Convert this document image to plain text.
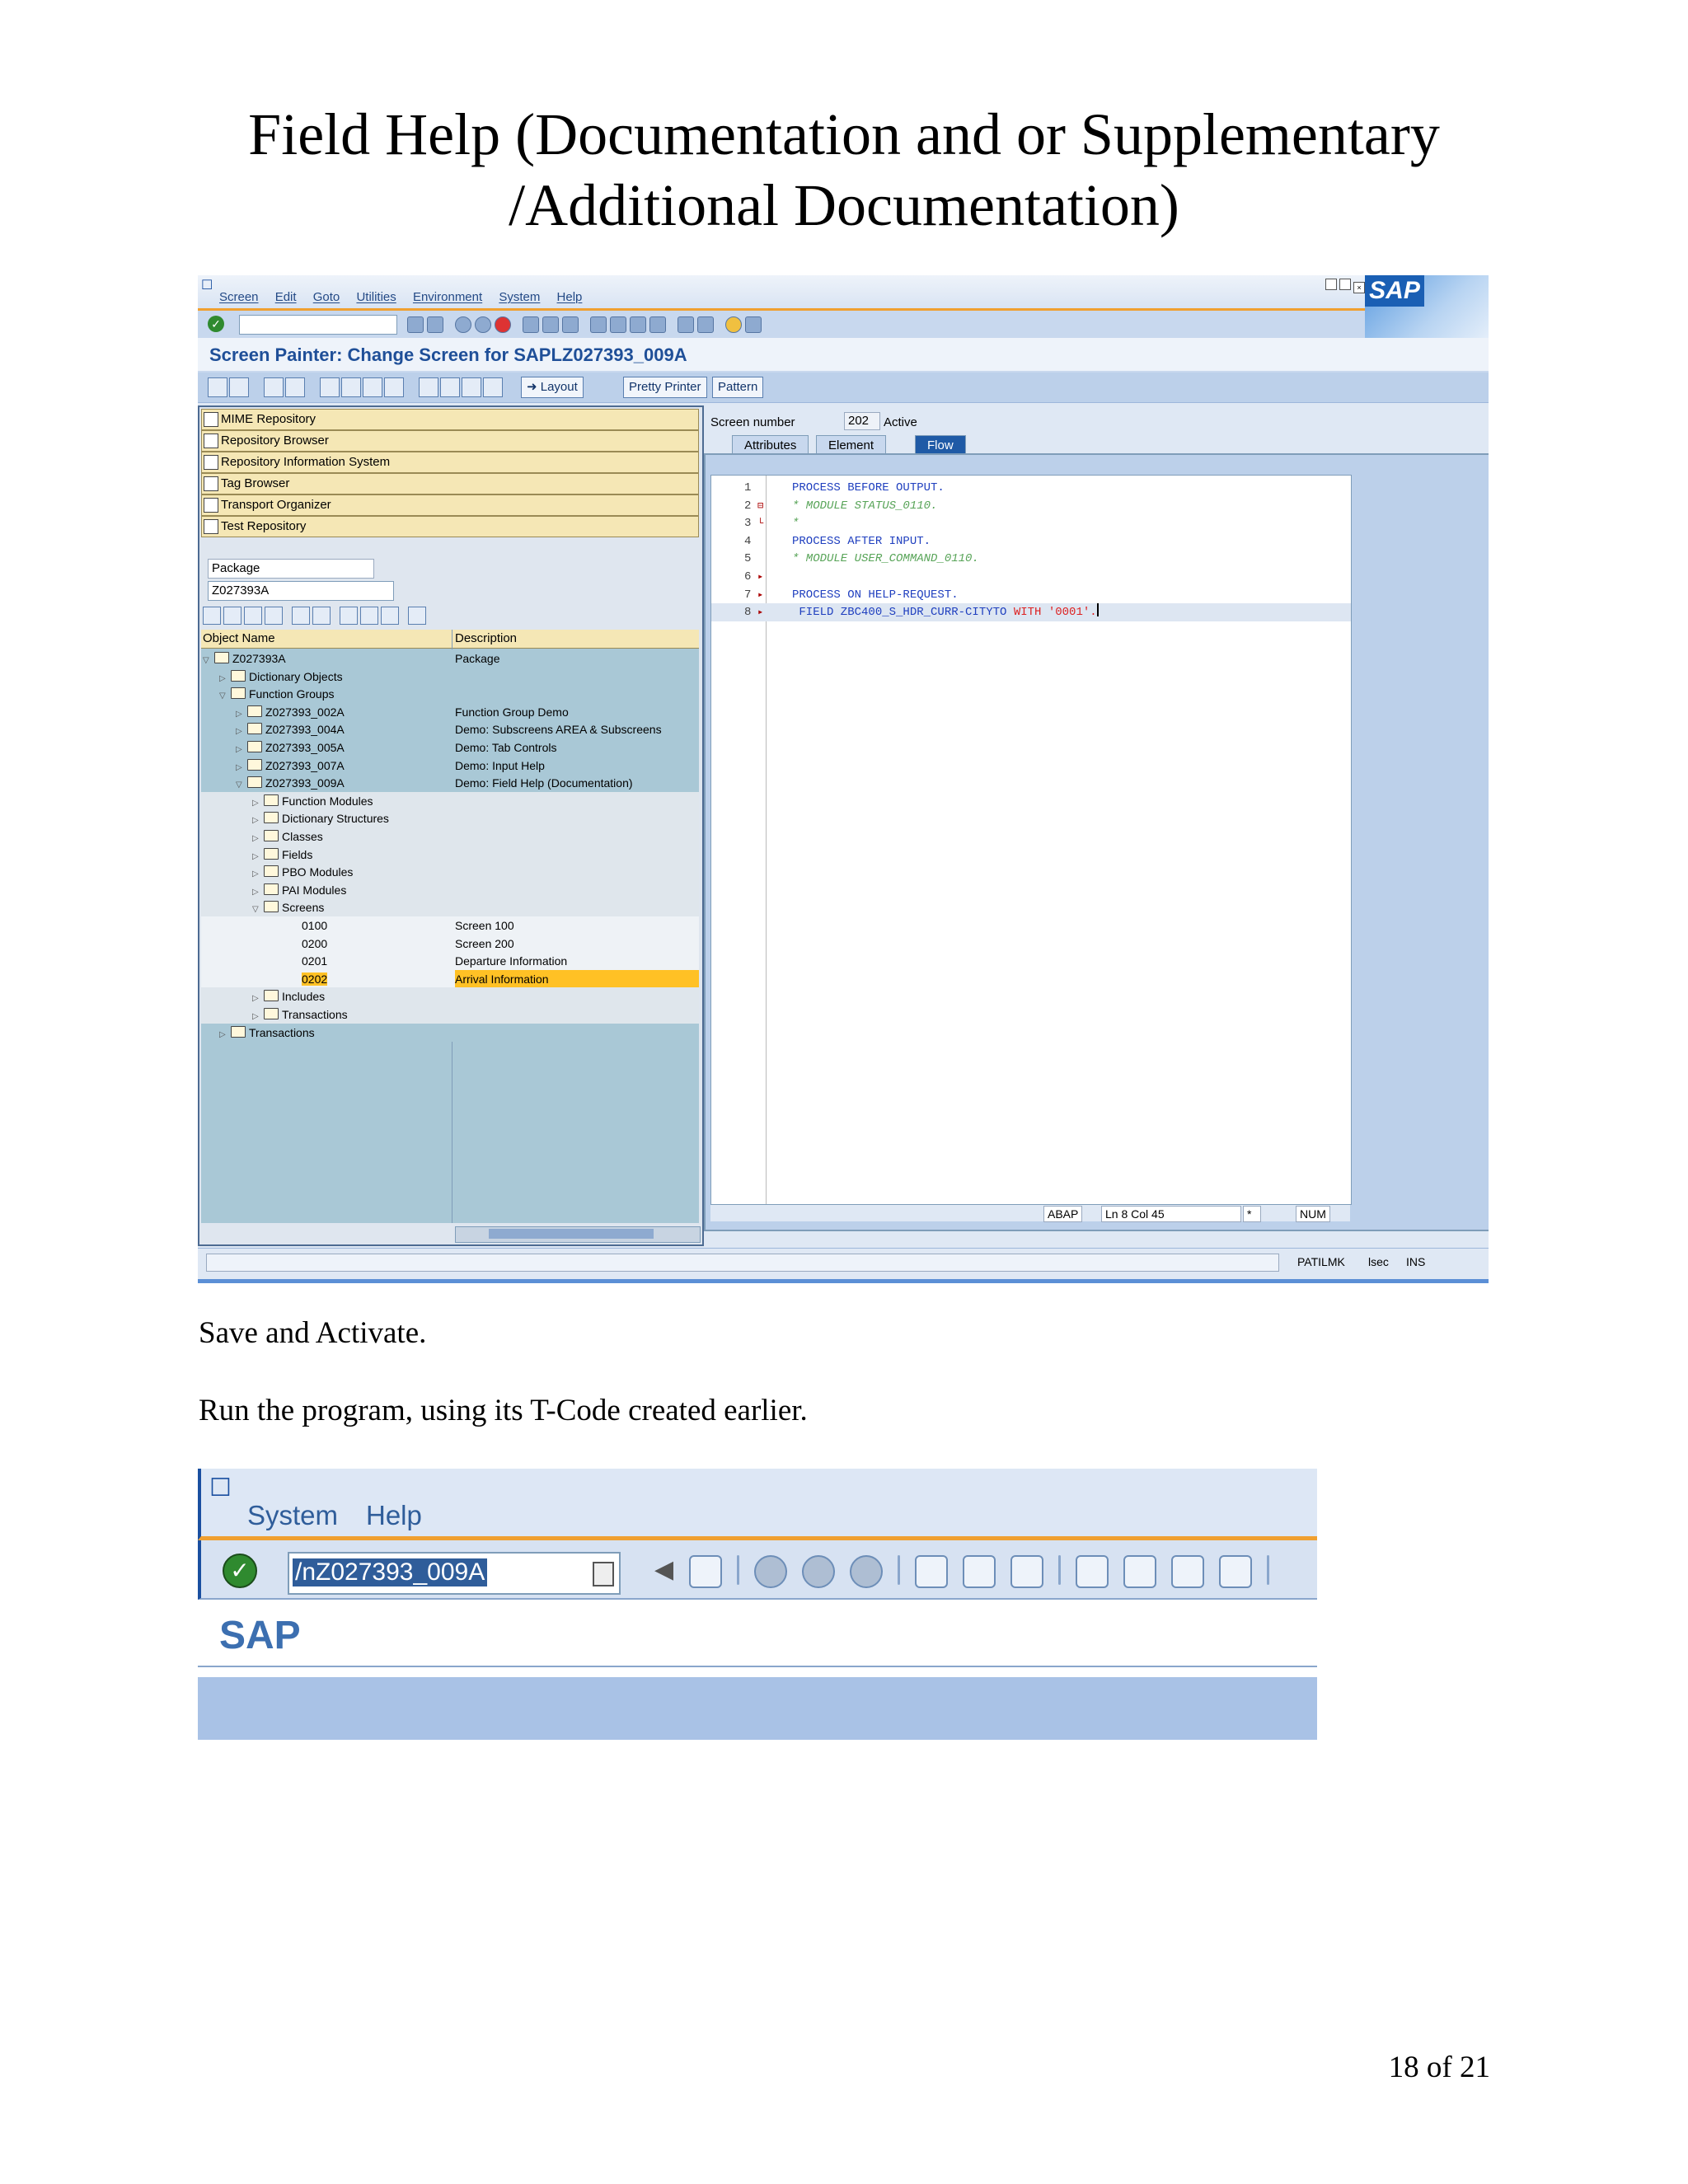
Field Help (Documentation and or Supplementary
/Additional Documentation)
☐
Screen Edit Goto Utilities Environment System Help
× SAP
✓
Screen Painter: Change Screen for SAPLZ027393_009A
➜ Layout	Pretty Printer	Pattern
MIME Repository
Repository Browser
Repository Information System
Tag Browser
Transport Organizer
Test Repository
Package
Z027393A
Object Name	Description
▽ Z027393A	Package
▷ Dictionary Objects
▽ Function Groups
▷ Z027393_002A	Function Group Demo
▷ Z027393_004A	Demo: Subscreens AREA & Subscreens
▷ Z027393_005A	Demo: Tab Controls
▷ Z027393_007A	Demo: Input Help
▽ Z027393_009A	Demo: Field Help (Documentation)
▷ Function Modules
▷ Dictionary Structures
▷ Classes
▷ Fields
▷ PBO Modules
▷ PAI Modules
▽ Screens
0100	Screen 100
0200	Screen 200
0201	Departure Information
0202	Arrival Information
▷ Includes
▷ Transactions
▷ Transactions
Screen number	202	Active
Attributes	Element	Flow
1	PROCESS BEFORE OUTPUT.
2 ⊟ * MODULE STATUS_0110.
3 └ *
4	PROCESS AFTER INPUT.
5	* MODULE USER_COMMAND_0110.
6 ▸
7 ▸ PROCESS ON HELP-REQUEST.
8 ▸ FIELD ZBC400_S_HDR_CURR-CITYTO WITH '0001'.
ABAP	Ln 8 Col 45	*	NUM
PATILMK lsec INS
Save and Activate.
Run the program, using its T-Code created earlier.
☐
System Help
✓	/nZ027393_009A	◀
SAP
18 of 21
